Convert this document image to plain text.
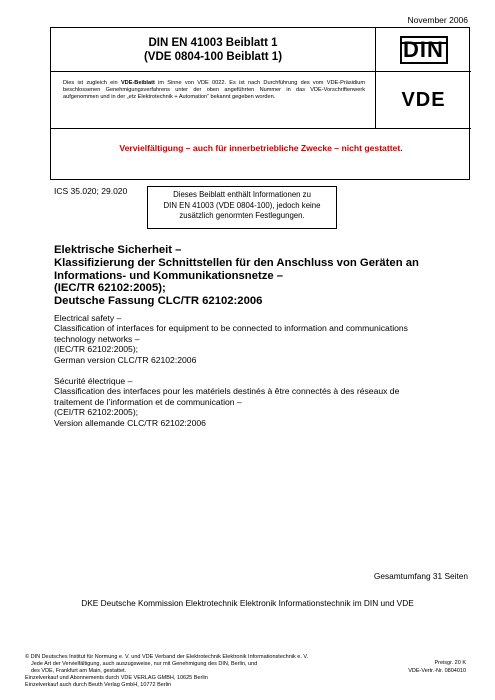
November 2006
DIN EN 41003 Beiblatt 1
(VDE 0804-100 Beiblatt 1)	DIN
Dies ist zugleich ein VDE-Beiblatt im Sinne von VDE 0022. Es ist nach Durchführung des vom VDE-Präsidium beschlossenen Genehmigungsverfahrens unter der oben angeführten Nummer in das VDE-Vorschriftenwerk aufgenommen und in der „etz Elektrotechnik + Automation“ bekannt gegeben worden.	VDE
Vervielfältigung – auch für innerbetriebliche Zwecke – nicht gestattet.
ICS 35.020; 29.020	Dieses Beiblatt enthält Informationen zu
DIN EN 41003 (VDE 0804-100), jedoch keine
zusätzlich genormten Festlegungen.
Elektrische Sicherheit –
Klassifizierung der Schnittstellen für den Anschluss von Geräten an
Informations- und Kommunikationsnetze –
(IEC/TR 62102:2005);
Deutsche Fassung CLC/TR 62102:2006
Electrical safety –
Classification of interfaces for equipment to be connected to information and communications
technology networks –
(IEC/TR 62102:2005);
German version CLC/TR 62102:2006
Sécurité électrique –
Classification des interfaces pour les matériels destinés à être connectés à des réseaux de
traitement de l’information et de communication –
(CEI/TR 62102:2005);
Version allemande CLC/TR 62102:2006
Gesamtumfang 31 Seiten
DKE Deutsche Kommission Elektrotechnik Elektronik Informationstechnik im DIN und VDE
© DIN Deutsches Institut für Normung e. V. und VDE Verband der Elektrotechnik Elektronik Informationstechnik e. V.
Jede Art der Vervielfältigung, auch auszugsweise, nur mit Genehmigung des DIN, Berlin, und
des VDE, Frankfurt am Main, gestattet.
Einzelverkauf und Abonnements durch VDE VERLAG GMBH, 10625 Berlin
Einzelverkauf auch durch Beuth Verlag GmbH, 10772 Berlin
Preisgr. 20 K
VDE-Vertr.-Nr. 0804010
